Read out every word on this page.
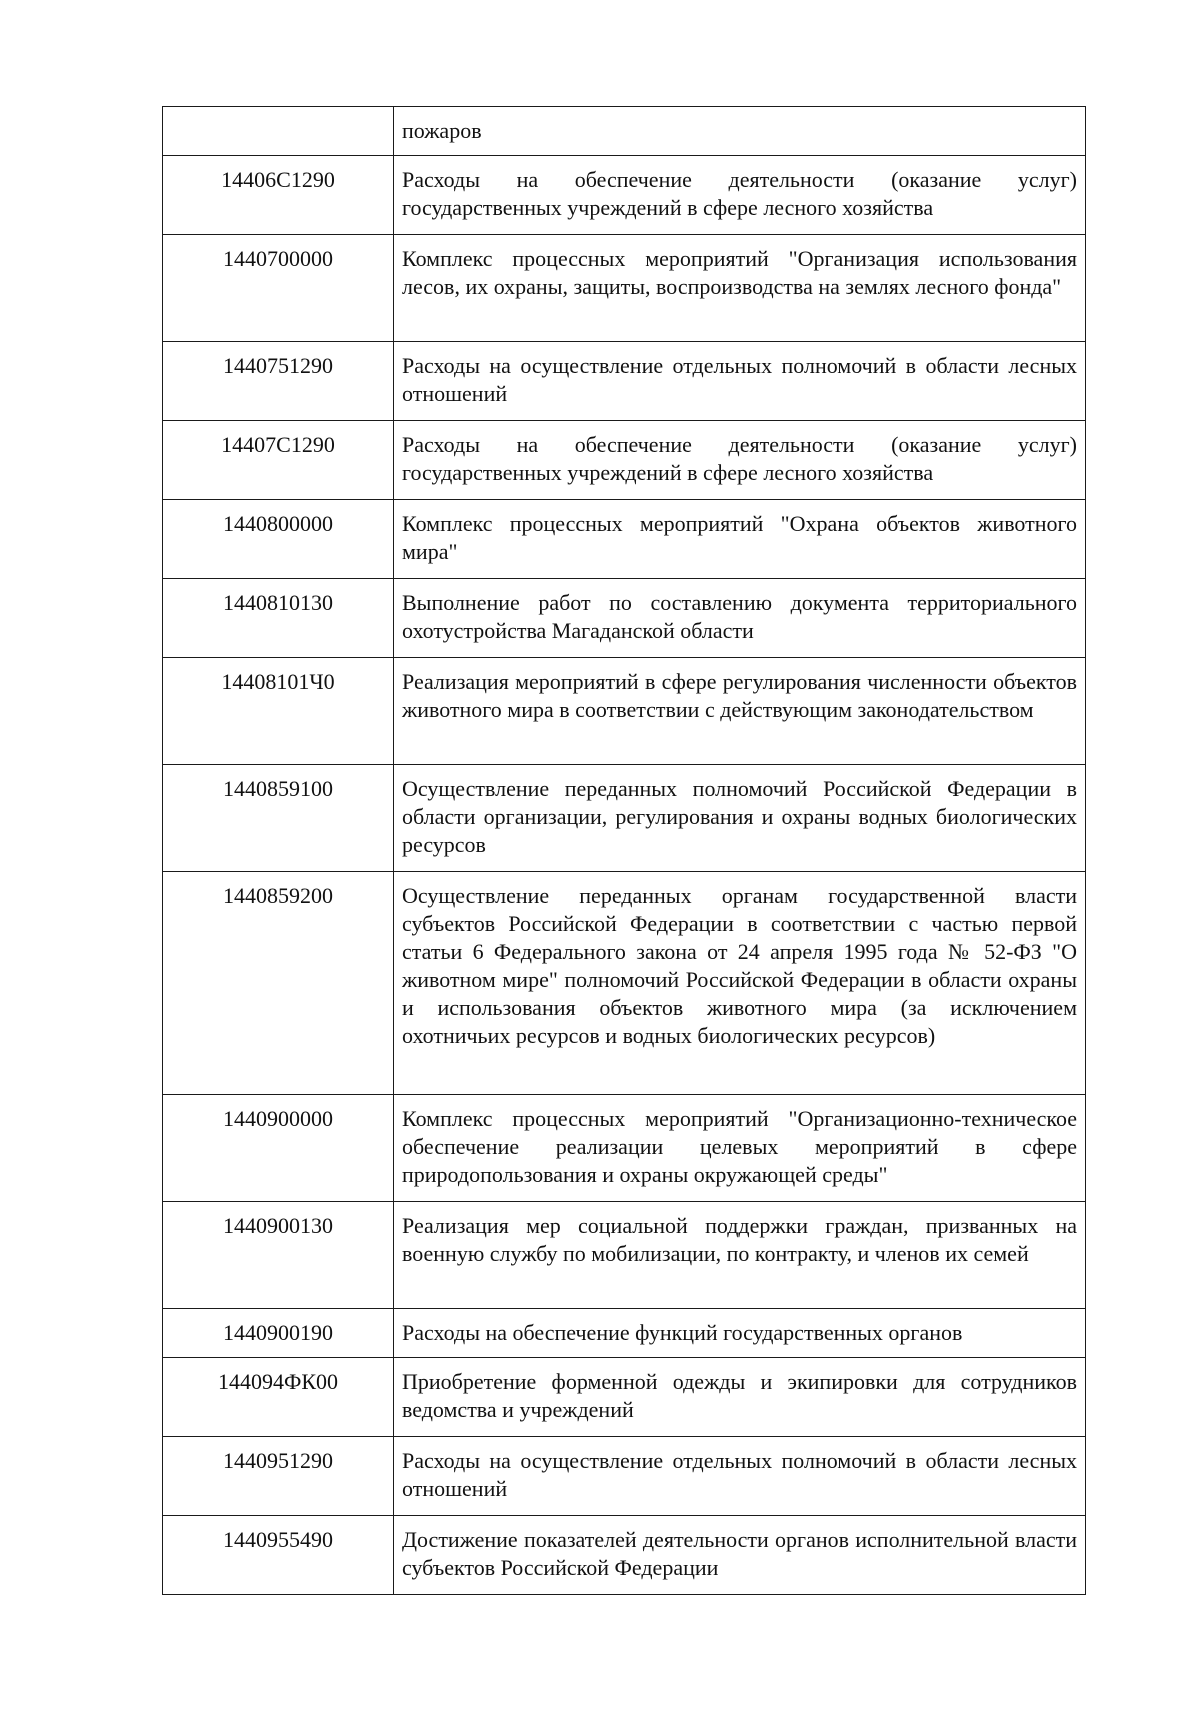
	пожаров
14406С1290	Расходы на обеспечение деятельности (оказание услуг) государственных учреждений в сфере лесного хозяйства
1440700000	Комплекс процессных мероприятий "Организация использования лесов, их охраны, защиты, воспроизводства на землях лесного фонда"
1440751290	Расходы на осуществление отдельных полномочий в области лесных отношений
14407С1290	Расходы на обеспечение деятельности (оказание услуг) государственных учреждений в сфере лесного хозяйства
1440800000	Комплекс процессных мероприятий "Охрана объектов животного мира"
1440810130	Выполнение работ по составлению документа территориального охотустройства Магаданской области
14408101Ч0	Реализация мероприятий в сфере регулирования численности объектов животного мира в соответствии с действующим законодательством
1440859100	Осуществление переданных полномочий Российской Федерации в области организации, регулирования и охраны водных биологических ресурсов
1440859200	Осуществление переданных органам государственной власти субъектов Российской Федерации в соответствии с частью первой статьи 6 Федерального закона от 24 апреля 1995 года № 52-ФЗ "О животном мире" полномочий Российской Федерации в области охраны и использования объектов животного мира (за исключением охотничьих ресурсов и водных биологических ресурсов)
1440900000	Комплекс процессных мероприятий "Организационно-техническое обеспечение реализации целевых мероприятий в сфере природопользования и охраны окружающей среды"
1440900130	Реализация мер социальной поддержки граждан, призванных на военную службу по мобилизации, по контракту, и членов их семей
1440900190	Расходы на обеспечение функций государственных органов
144094ФК00	Приобретение форменной одежды и экипировки для сотрудников ведомства и учреждений
1440951290	Расходы на осуществление отдельных полномочий в области лесных отношений
1440955490	Достижение показателей деятельности органов исполнительной власти субъектов Российской Федерации
